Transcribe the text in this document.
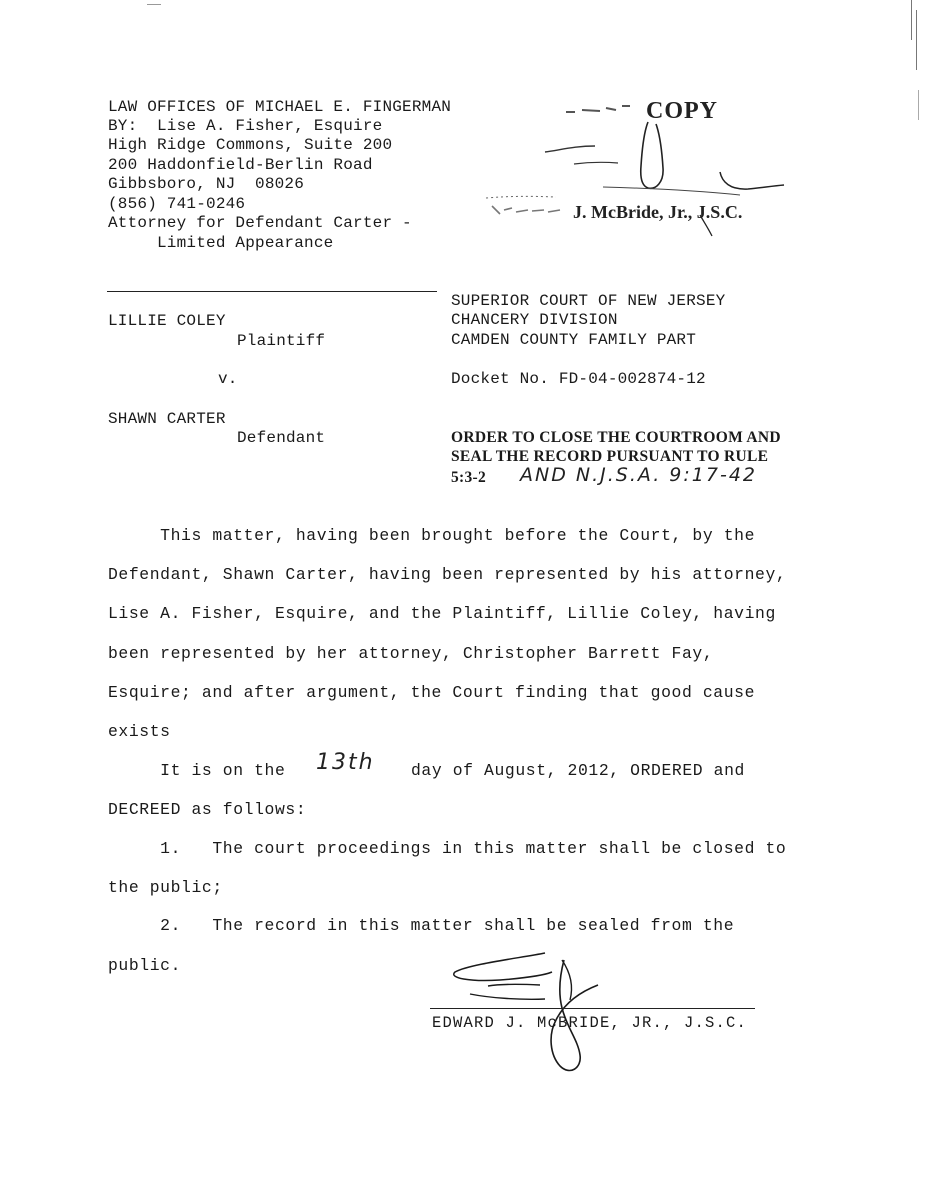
LAW OFFICES OF MICHAEL E. FINGERMAN
BY:  Lise A. Fisher, Esquire
High Ridge Commons, Suite 200
200 Haddonfield-Berlin Road
Gibbsboro, NJ  08026
(856) 741-0246
Attorney for Defendant Carter -
Limited Appearance
COPY
J. McBride, Jr., J.S.C.
LILLIE COLEY
Plaintiff
v.
SHAWN CARTER
Defendant
SUPERIOR COURT OF NEW JERSEY
CHANCERY DIVISION
CAMDEN COUNTY FAMILY PART
Docket No. FD-04-002874-12
ORDER TO CLOSE THE COURTROOM AND
SEAL THE RECORD PURSUANT TO RULE
5:3-2 AND N.J.S.A. 9:17-42
This matter, having been brought before the Court, by the
Defendant, Shawn Carter, having been represented by his attorney,
Lise A. Fisher, Esquire, and the Plaintiff, Lillie Coley, having
been represented by her attorney, Christopher Barrett Fay,
Esquire; and after argument, the Court finding that good cause
exists
It is on the 13th day of August, 2012, ORDERED and
DECREED as follows:
1.   The court proceedings in this matter shall be closed to
the public;
2.   The record in this matter shall be sealed from the
public.
EDWARD J. McBRIDE, JR., J.S.C.
